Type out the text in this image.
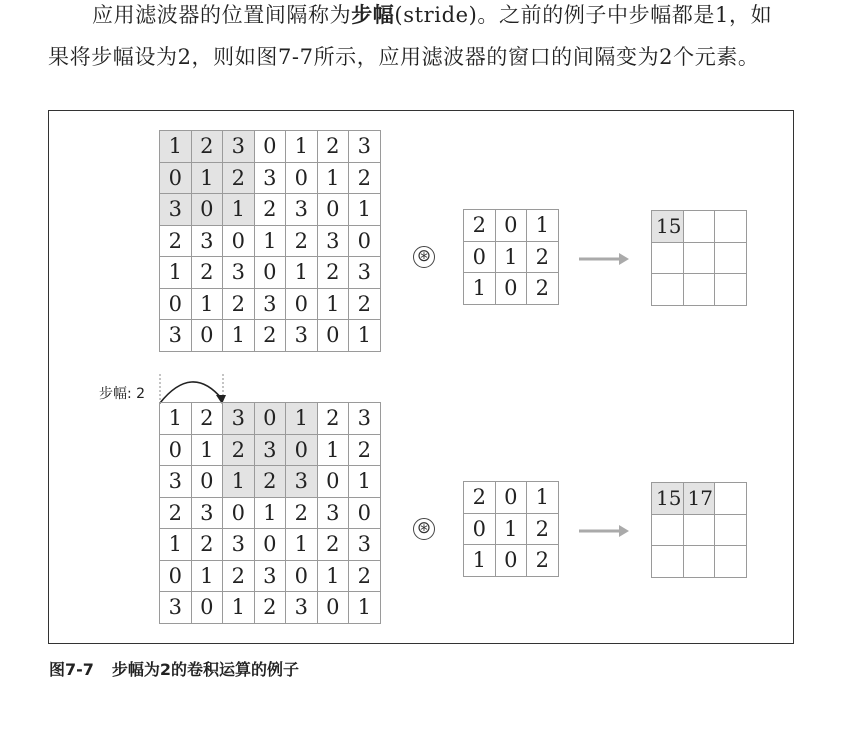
应用滤波器的位置间隔称为步幅(stride)。之前的例子中步幅都是1，如
果将步幅设为2，则如图7-7所示，应用滤波器的窗口的间隔变为2个元素。
步幅: 2
1	2	3	0	1	2	3
0	1	2	3	0	1	2
3	0	1	2	3	0	1
2	3	0	1	2	3	0
1	2	3	0	1	2	3
0	1	2	3	0	1	2
3	0	1	2	3	0	1
1	2	3	0	1	2	3
0	1	2	3	0	1	2
3	0	1	2	3	0	1
2	3	0	1	2	3	0
1	2	3	0	1	2	3
0	1	2	3	0	1	2
3	0	1	2	3	0	1
⊛
⊛
2	0	1
0	1	2
1	0	2
2	0	1
0	1	2
1	0	2
15		

15	17	

图7-7 步幅为2的卷积运算的例子
